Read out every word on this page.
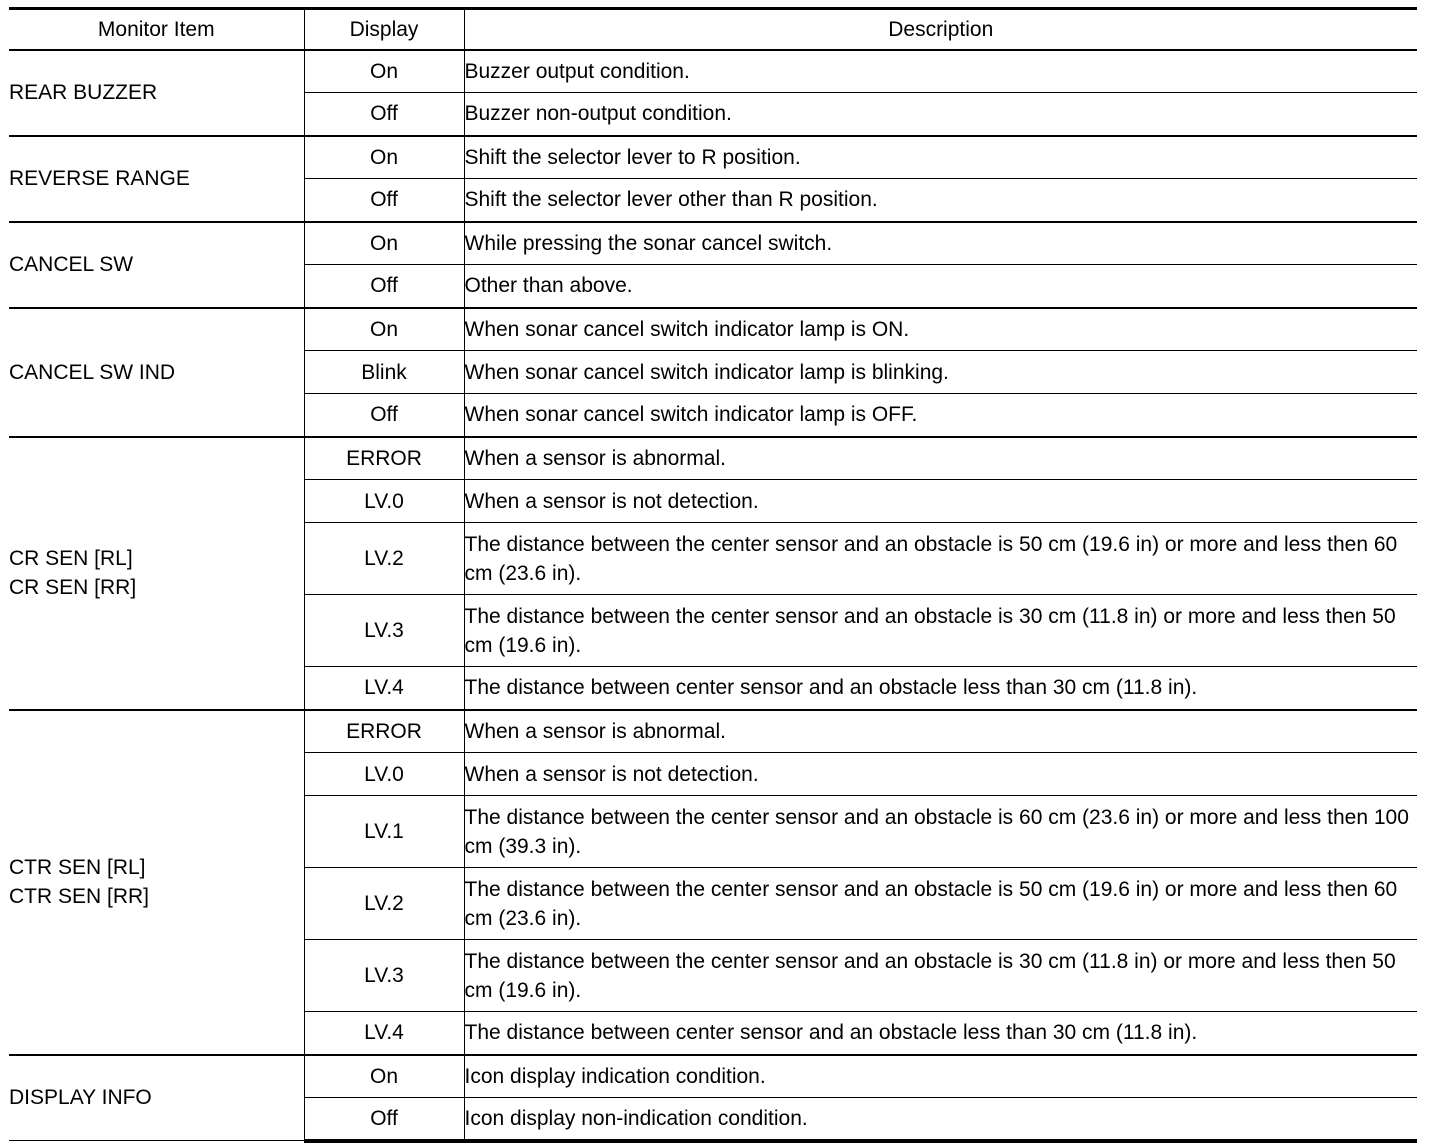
Monitor Item	Display	Description

REAR BUZZER	On	Buzzer output condition.
	Off	Buzzer non-output condition.

REVERSE RANGE	On	Shift the selector lever to R position.
	Off	Shift the selector lever other than R position.

CANCEL SW	On	While pressing the sonar cancel switch.
	Off	Other than above.

CANCEL SW IND	On	When sonar cancel switch indicator lamp is ON.
	Blink	When sonar cancel switch indicator lamp is blinking.
	Off	When sonar cancel switch indicator lamp is OFF.

CR SEN [RL]
CR SEN [RR]	ERROR	When a sensor is abnormal.
	LV.0	When a sensor is not detection.
	LV.2	The distance between the center sensor and an obstacle is 50 cm (19.6 in) or more and less then 60 cm (23.6 in).
	LV.3	The distance between the center sensor and an obstacle is 30 cm (11.8 in) or more and less then 50 cm (19.6 in).
	LV.4	The distance between center sensor and an obstacle less than 30 cm (11.8 in).

CTR SEN [RL]
CTR SEN [RR]	ERROR	When a sensor is abnormal.
	LV.0	When a sensor is not detection.
	LV.1	The distance between the center sensor and an obstacle is 60 cm (23.6 in) or more and less then 100 cm (39.3 in).
	LV.2	The distance between the center sensor and an obstacle is 50 cm (19.6 in) or more and less then 60 cm (23.6 in).
	LV.3	The distance between the center sensor and an obstacle is 30 cm (11.8 in) or more and less then 50 cm (19.6 in).
	LV.4	The distance between center sensor and an obstacle less than 30 cm (11.8 in).

DISPLAY INFO	On	Icon display indication condition.
	Off	Icon display non-indication condition.
